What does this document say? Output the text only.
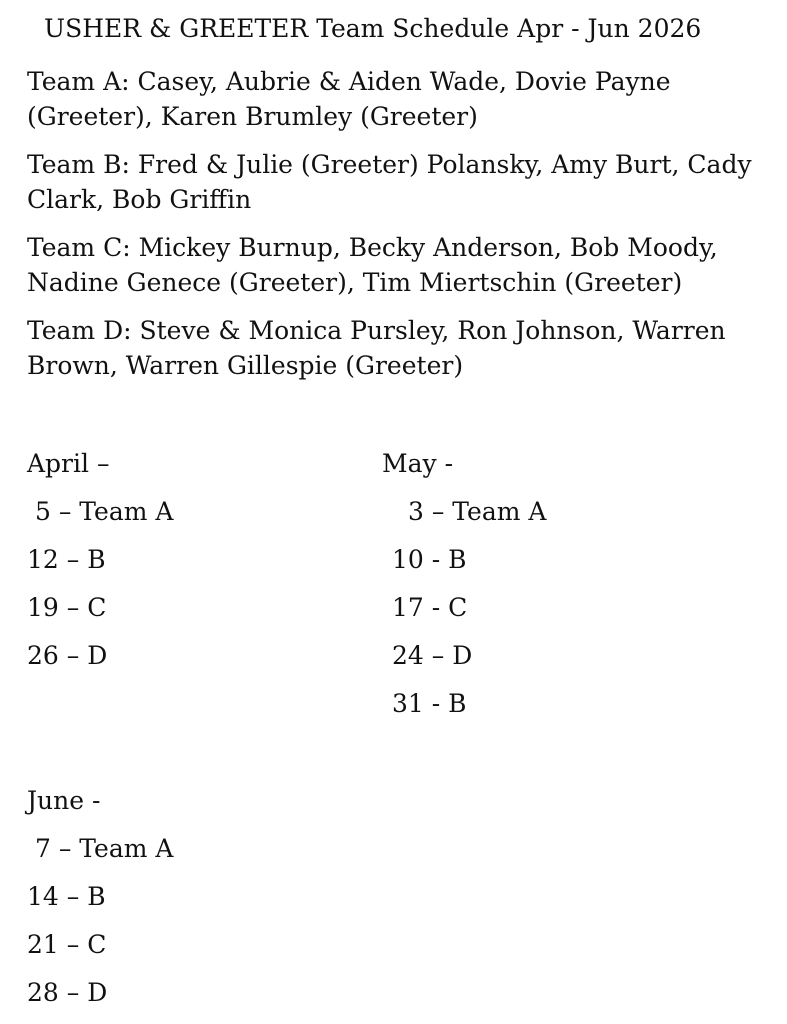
USHER & GREETER Team Schedule Apr - Jun 2026
Team A: Casey, Aubrie & Aiden Wade, Dovie Payne (Greeter), Karen Brumley (Greeter)
Team B: Fred & Julie (Greeter) Polansky, Amy Burt, Cady Clark, Bob Griffin
Team C: Mickey Burnup, Becky Anderson, Bob Moody, Nadine Genece (Greeter), Tim Miertschin (Greeter)
Team D: Steve & Monica Pursley, Ron Johnson, Warren Brown, Warren Gillespie (Greeter)
April –
5 – Team A
12 – B
19 – C
26 – D
May -
3 – Team A
10 - B
17 - C
24 – D
31 - B
June -
7 – Team A
14 – B
21 – C
28 – D
